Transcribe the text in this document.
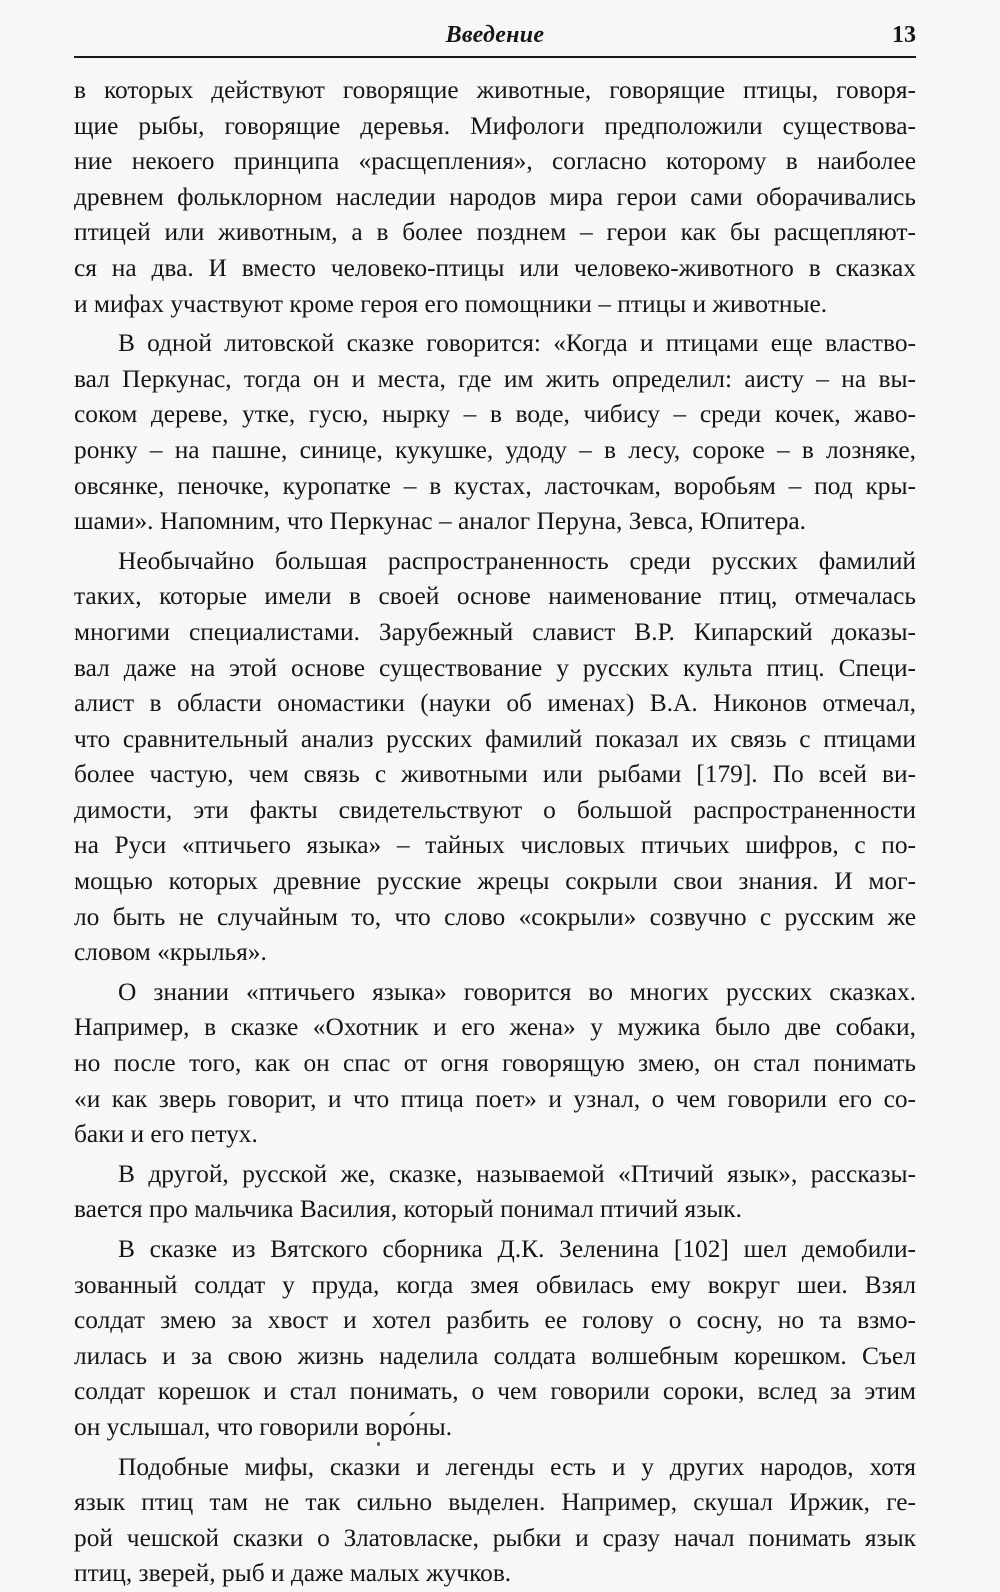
Введение	13
в которых действуют говорящие животные, говорящие птицы, говоря-
щие рыбы, говорящие деревья. Мифологи предположили существова-
ние некоего принципа «расщепления», согласно которому в наиболее
древнем фольклорном наследии народов мира герои сами оборачивались
птицей или животным, а в более позднем – герои как бы расщепляют-
ся на два. И вместо человеко-птицы или человеко-животного в сказках
и мифах участвуют кроме героя его помощники – птицы и животные.
В одной литовской сказке говорится: «Когда и птицами еще властво-
вал Перкунас, тогда он и места, где им жить определил: аисту – на вы-
соком дереве, утке, гусю, нырку – в воде, чибису – среди кочек, жаво-
ронку – на пашне, синице, кукушке, удоду – в лесу, сороке – в лозняке,
овсянке, пеночке, куропатке – в кустах, ласточкам, воробьям – под кры-
шами». Напомним, что Перкунас – аналог Перуна, Зевса, Юпитера.
Необычайно большая распространенность среди русских фамилий
таких, которые имели в своей основе наименование птиц, отмечалась
многими специалистами. Зарубежный славист В.Р. Кипарский доказы-
вал даже на этой основе существование у русских культа птиц. Специ-
алист в области ономастики (науки об именах) В.А. Никонов отмечал,
что сравнительный анализ русских фамилий показал их связь с птицами
более частую, чем связь с животными или рыбами [179]. По всей ви-
димости, эти факты свидетельствуют о большой распространенности
на Руси «птичьего языка» – тайных числовых птичьих шифров, с по-
мощью которых древние русские жрецы сокрыли свои знания. И мог-
ло быть не случайным то, что слово «сокрыли» созвучно с русским же
словом «крылья».
О знании «птичьего языка» говорится во многих русских сказках.
Например, в сказке «Охотник и его жена» у мужика было две собаки,
но после того, как он спас от огня говорящую змею, он стал понимать
«и как зверь говорит, и что птица поет» и узнал, о чем говорили его со-
баки и его петух.
В другой, русской же, сказке, называемой «Птичий язык», рассказы-
вается про мальчика Василия, который понимал птичий язык.
В сказке из Вятского сборника Д.К. Зеленина [102] шел демобили-
зованный солдат у пруда, когда змея обвилась ему вокруг шеи. Взял
солдат змею за хвост и хотел разбить ее голову о сосну, но та взмо-
лилась и за свою жизнь наделила солдата волшебным корешком. Съел
солдат корешок и стал понимать, о чем говорили сороки, вслед за этим
он услышал, что говорили воро́ны.
Подобные мифы, сказки и легенды есть и у других народов, хотя
язык птиц там не так сильно выделен. Например, скушал Иржик, ге-
рой чешской сказки о Златовласке, рыбки и сразу начал понимать язык
птиц, зверей, рыб и даже малых жучков.
